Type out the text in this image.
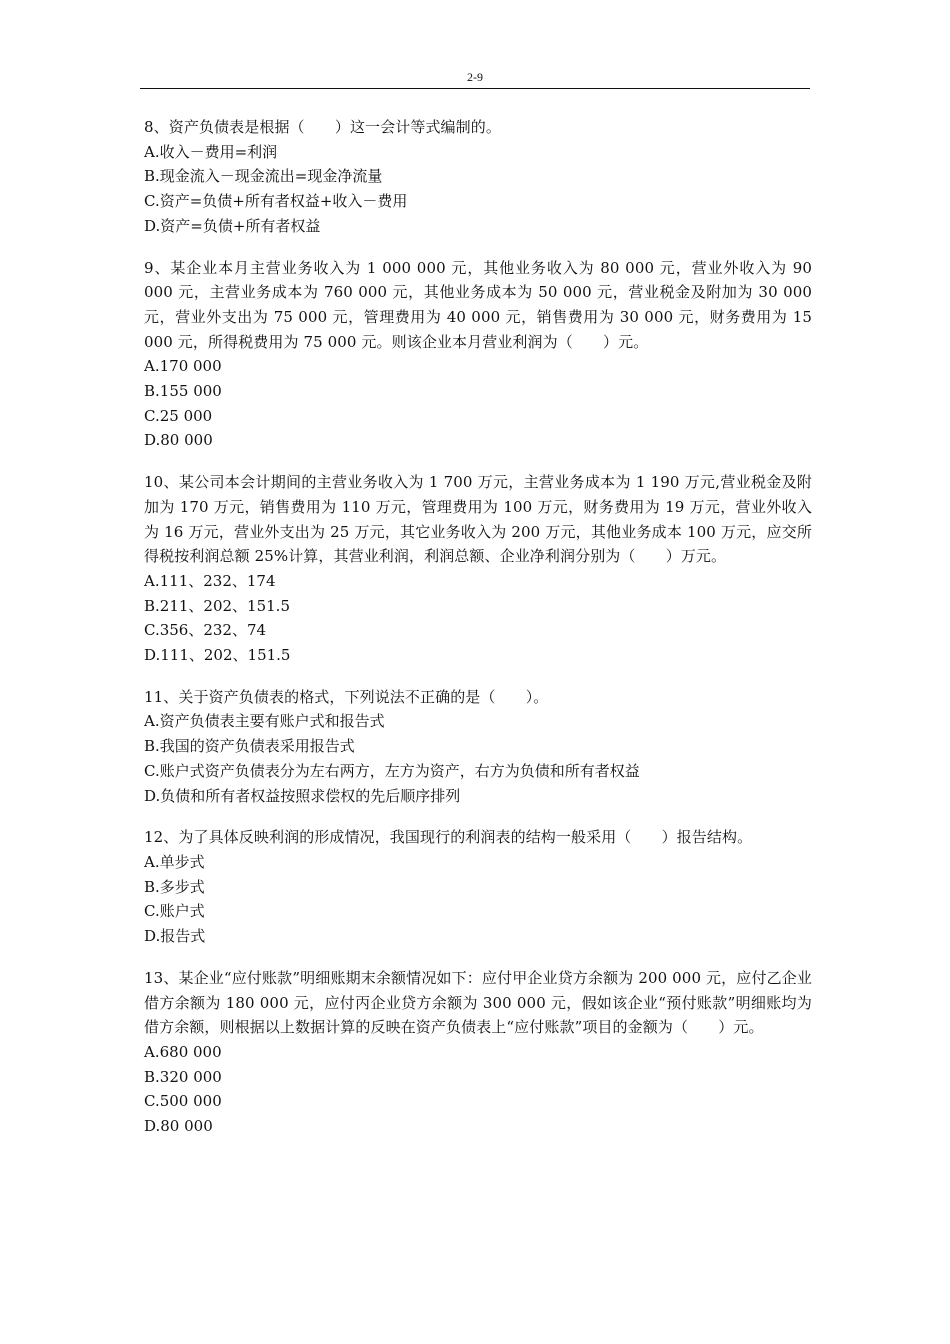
2-9
8、资产负债表是根据（　　）这一会计等式编制的。
A.收入－费用=利润
B.现金流入－现金流出=现金净流量
C.资产=负债+所有者权益+收入－费用
D.资产=负债+所有者权益
9、某企业本月主营业务收入为 1 000 000 元，其他业务收入为 80 000 元，营业外收入为 90 000 元，主营业务成本为 760 000 元，其他业务成本为 50 000 元，营业税金及附加为 30 000 元，营业外支出为 75 000 元，管理费用为 40 000 元，销售费用为 30 000 元，财务费用为 15 000 元，所得税费用为 75 000 元。则该企业本月营业利润为（　　）元。
A.170 000
B.155 000
C.25 000
D.80 000
10、某公司本会计期间的主营业务收入为 1 700 万元，主营业务成本为 1 190 万元,营业税金及附加为 170 万元，销售费用为 110 万元，管理费用为 100 万元，财务费用为 19 万元，营业外收入为 16 万元，营业外支出为 25 万元，其它业务收入为 200 万元，其他业务成本 100 万元，应交所得税按利润总额 25%计算，其营业利润，利润总额、企业净利润分别为（　　）万元。
A.111、232、174
B.211、202、151.5
C.356、232、74
D.111、202、151.5
11、关于资产负债表的格式，下列说法不正确的是（　　）。
A.资产负债表主要有账户式和报告式
B.我国的资产负债表采用报告式
C.账户式资产负债表分为左右两方，左方为资产，右方为负债和所有者权益
D.负债和所有者权益按照求偿权的先后顺序排列
12、为了具体反映利润的形成情况，我国现行的利润表的结构一般采用（　　）报告结构。
A.单步式
B.多步式
C.账户式
D.报告式
13、某企业“应付账款”明细账期末余额情况如下：应付甲企业贷方余额为 200 000 元，应付乙企业借方余额为 180 000 元，应付丙企业贷方余额为 300 000 元，假如该企业“预付账款”明细账均为借方余额，则根据以上数据计算的反映在资产负债表上“应付账款”项目的金额为（　　）元。
A.680 000
B.320 000
C.500 000
D.80 000
